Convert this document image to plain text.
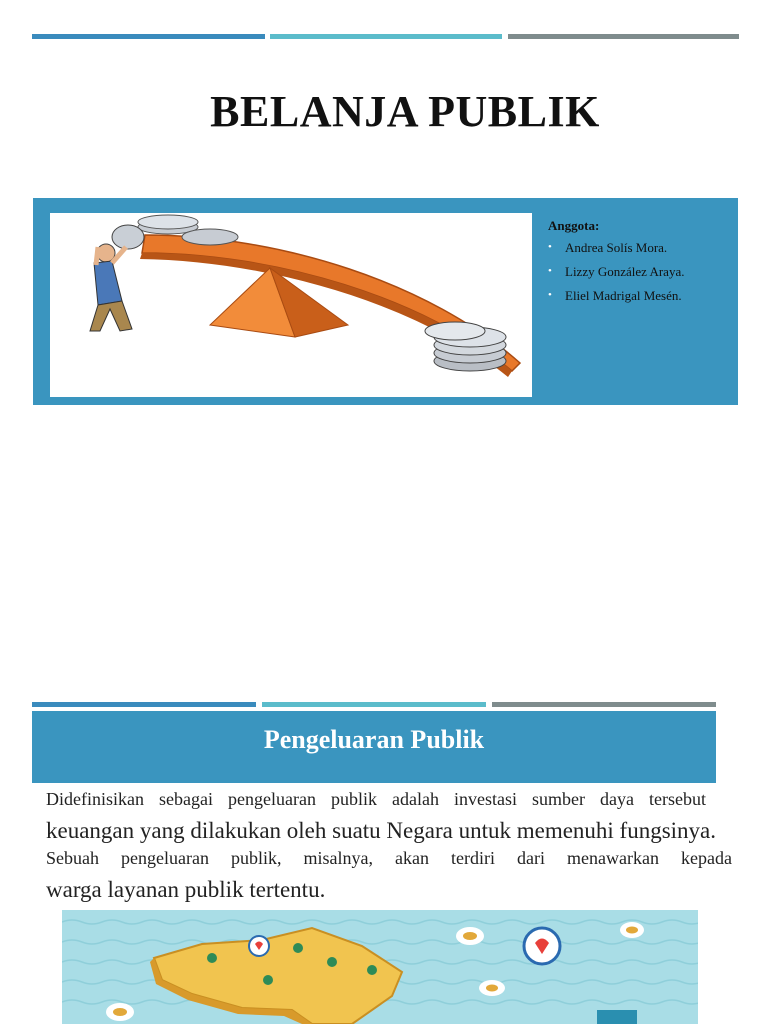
BELANJA PUBLIK
Anggota:
• Andrea Solís Mora.
• Lizzy González Araya.
• Eliel Madrigal Mesén.
Pengeluaran Publik
Didefinisikan sebagai pengeluaran publik adalah investasi sumber daya tersebut
keuangan yang dilakukan oleh suatu Negara untuk memenuhi fungsinya.
Sebuah pengeluaran publik, misalnya, akan terdiri dari menawarkan kepada
warga layanan publik tertentu.
